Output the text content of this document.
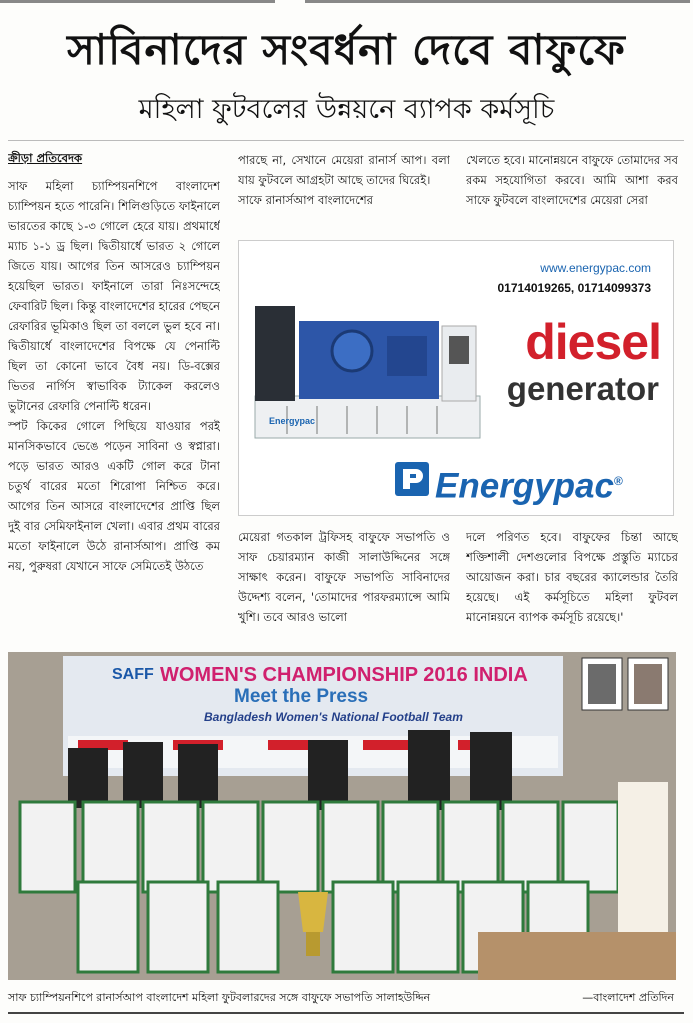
সাবিনাদের সংবর্ধনা দেবে বাফুফে
মহিলা ফুটবলের উন্নয়নে ব্যাপক কর্মসূচি

ক্রীড়া প্রতিবেদক

সাফ মহিলা চ্যাম্পিয়নশিপে বাংলাদেশ চ্যাম্পিয়ন হতে পারেনি। শিলিগুড়িতে ফাইনালে ভারতের কাছে ১-৩ গোলে হেরে যায়। প্রথমার্ধে ম্যাচ ১-১ ড্র ছিল। দ্বিতীয়ার্ধে ভারত ২ গোলে জিতে যায়। আগের তিন আসরেও চ্যাম্পিয়ন হয়েছিল ভারত। ফাইনালে তারা নিঃসন্দেহে ফেবারিট ছিল। কিন্তু বাংলাদেশের হারের পেছনে রেফারির ভূমিকাও ছিল তা বললে ভুল হবে না। দ্বিতীয়ার্ধে বাংলাদেশের বিপক্ষে যে পেনাল্টি ছিল তা কোনো ভাবে বৈধ নয়। ডি-বক্সের ভিতর নার্গিস স্বাভাবিক ট্যাকেল করলেও ভুটানের রেফারি পেনাল্টি ধরেন।

স্পট কিকের গোলে পিছিয়ে যাওয়ার পরই মানসিকভাবে ভেঙে পড়েন সাবিনা ও স্বপ্নারা। পড়ে ভারত আরও একটি গোল করে টানা চতুর্থ বারের মতো শিরোপা নিশ্চিত করে। আগের তিন আসরে বাংলাদেশের প্রাপ্তি ছিল দুই বার সেমিফাইনাল খেলা। এবার প্রথম বারের মতো ফাইনালে উঠে রানার্সআপ। প্রাপ্তি কম নয়, পুরুষরা যেখানে সাফে সেমিতেই উঠতে

পারছে না, সেখানে মেয়েরা রানার্স আপ। বলা যায় ফুটবলে আগ্রহটা আছে তাদের ঘিরেই।

সাফে রানার্সআপ বাংলাদেশের

খেলতে হবে। মানোন্নয়নে বাফুফে তোমাদের সব রকম সহযোগিতা করবে। আমি আশা করব সাফে ফুটবলে বাংলাদেশের মেয়েরা সেরা

www.energypac.com
01714019265, 01714099373
Energypac
diesel
generator
Energypac®

মেয়েরা গতকাল ট্রফিসহ বাফুফে সভাপতি ও সাফ চেয়ারম্যান কাজী সালাউদ্দিনের সঙ্গে সাক্ষাৎ করেন। বাফুফে সভাপতি সাবিনাদের উদ্দেশ্য বলেন, 'তোমাদের পারফরম্যান্সে আমি খুশি। তবে আরও ভালো

দলে পরিণত হবে। বাফুফের চিন্তা আছে শক্তিশালী দেশগুলোর বিপক্ষে প্রস্তুতি ম্যাচের আয়োজন করা। চার বছরের ক্যালেন্ডার তৈরি হয়েছে। এই কর্মসূচিতে মহিলা ফুটবল মানোন্নয়নে ব্যাপক কর্মসূচি রয়েছে।'

SAFF WOMEN'S CHAMPIONSHIP 2016 INDIA
Meet the Press
Bangladesh Women's National Football Team
সাফ চ্যাম্পিয়নশিপে রানার্সআপ বাংলাদেশ মহিলা ফুটবলারদের সঙ্গে বাফুফে সভাপতি সালাহউদ্দিন	—বাংলাদেশ প্রতিদিন
